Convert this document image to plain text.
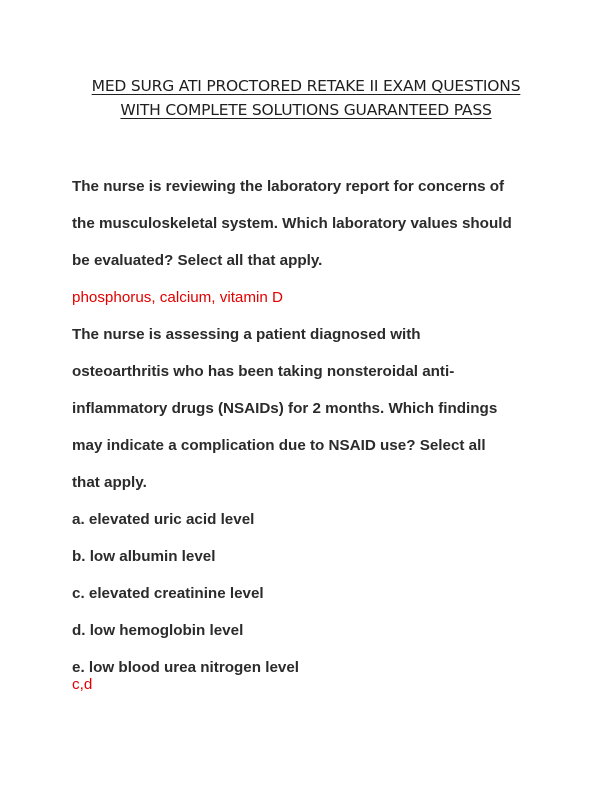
MED SURG ATI PROCTORED RETAKE II EXAM QUESTIONS
WITH COMPLETE SOLUTIONS GUARANTEED PASS
The nurse is reviewing the laboratory report for concerns of
the musculoskeletal system. Which laboratory values should
be evaluated? Select all that apply.
phosphorus, calcium, vitamin D
The nurse is assessing a patient diagnosed with
osteoarthritis who has been taking nonsteroidal anti-
inflammatory drugs (NSAIDs) for 2 months. Which findings
may indicate a complication due to NSAID use? Select all
that apply.
a. elevated uric acid level
b. low albumin level
c. elevated creatinine level
d. low hemoglobin level
e. low blood urea nitrogen level
c,d
